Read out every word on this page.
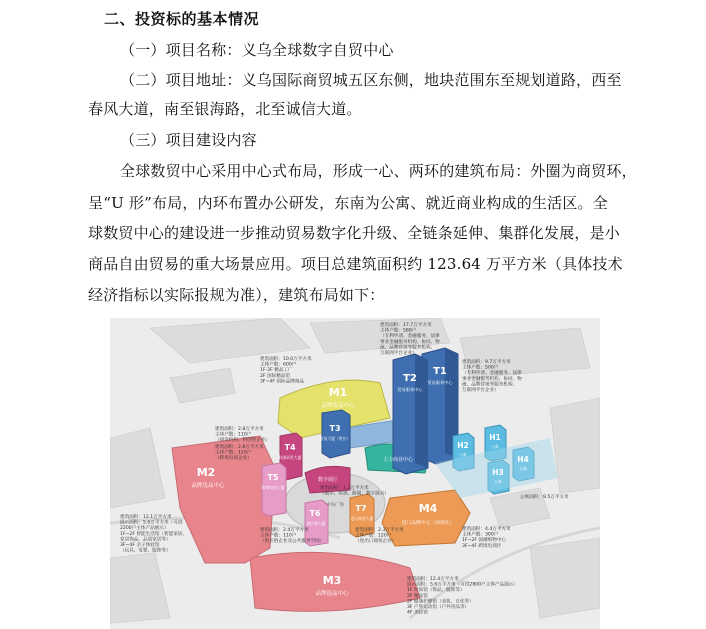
二、投资标的基本情况
（一）项目名称：义乌全球数字自贸中心
（二）项目地址：义乌国际商贸城五区东侧，地块范围东至规划道路，西至
春风大道，南至银海路，北至诚信大道。
（三）项目建设内容
全球数贸中心采用中心式布局，形成一心、两环的建筑布局：外圈为商贸环，
呈“U 形”布局，内环布置办公研发，东南为公寓、就近商业构成的生活区。全
球数贸中心的建设进一步推动贸易数字化升级、全链条延伸、集群化发展，是小
商品自由贸易的重大场景应用。项目总建筑面积约 123.64 万平方米（具体技术
经济指标以实际报规为准），建筑布局如下：
M1
品牌选品中心
M2
品牌选品中心
M3
品牌选品中心
M4
进口品牌中心（商场化）
T1
贸易服务中心
T2
贸易服务中心
T3
贸易大厦（供应）
T4
科创研发大厦
T5
跨境电商大厦
T6
供应链大厦
T7
进口商贸大厦
H1
公寓
H2
公寓
H3
公寓
H4
公寓
数字展厅
主力商业中心
中央广场
建筑面积：17.7万平方米
主体户数：588户
（专利申请、金融服务、法律
事业金融服务机构、协同、物
流、品牌营销等服务机构、
互联网平台企业）
建筑面积：9.7万平方米
主体户数：500户
（专利申请、金融服务、法律
事业金融服务机构、协同、物
流、品牌营销等服务机构、
互联网平台企业）
建筑面积：10.0万平方米
主体户数：600户
1F-2F 精品工厂
2F 国际精品馆
3F~4F 国际品牌商品
建筑面积：2.8万平方米
主体户数：110户
（研发机构、科创型企业）
建筑面积：2.8万平方米
主体户数：120户
（跨境电商企业）
建筑面积：12.1万平方米
展示面积：5.6万平方米（可供
2200户主体产品展示）
1F~2F 智能生活馆（智能家居、
家居饰品、品质家居等）
3F~4F 亲子体验馆
（玩具、母婴、服饰等）
建筑面积：2.4万平方米
主体户数：110户
（供应链企业及公共服务空间）
建筑面积：2.3万平方米
主体户数：120户
（进出口商贸企业）
建筑面积：1.2万平方米
（展示、培训、路演、数字展示）
建筑面积：4.4万平方米
主体户数：300户
1F~2F 国潮购物中心
3F~4F 跨境电商区
公寓面积：9.5万平方米
建筑面积：12.4万平方米
展示面积：5.6万平方米（可供2800户主体产品展示）
1F 时尚馆（饰品、服饰等）
2F 精品馆
2F 健康护理馆（美妆、日化等）
3F 户外运动馆（户外用品等）
4F 美妆馆
